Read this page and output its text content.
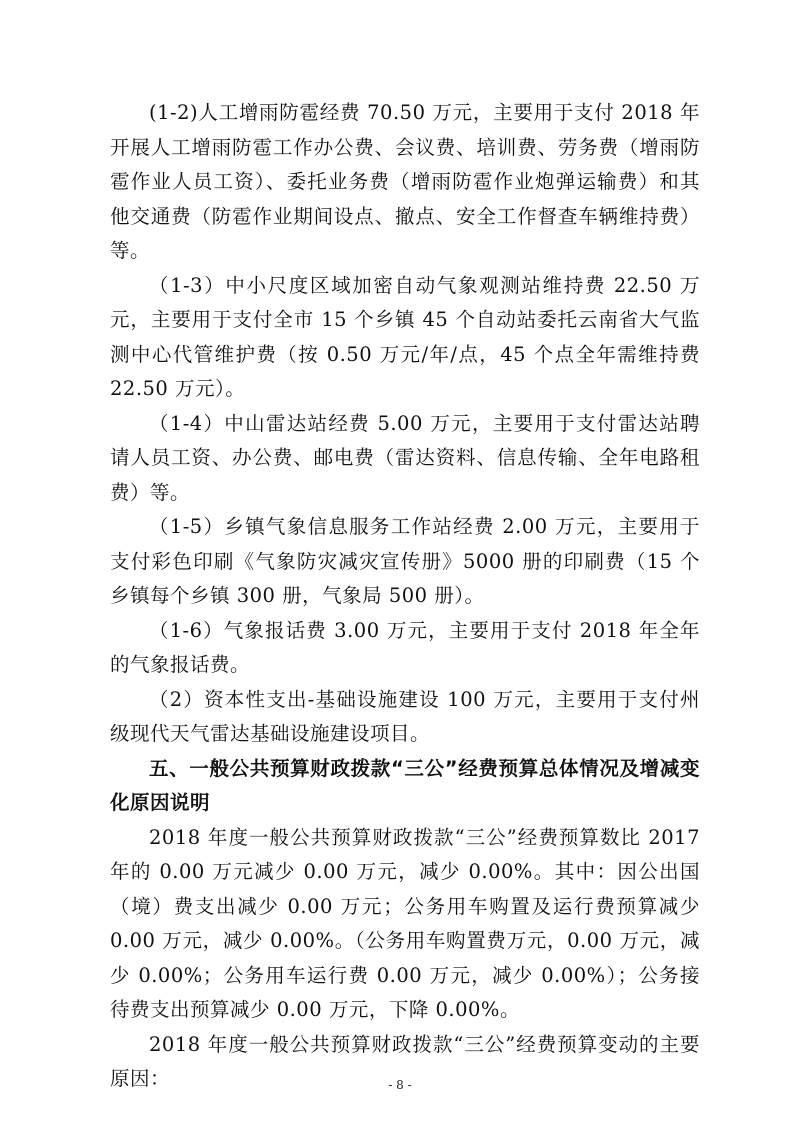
(1-2)人工增雨防雹经费 70.50 万元，主要用于支付 2018 年开展人工增雨防雹工作办公费、会议费、培训费、劳务费（增雨防雹作业人员工资）、委托业务费（增雨防雹作业炮弹运输费）和其他交通费（防雹作业期间设点、撤点、安全工作督查车辆维持费）等。

（1-3）中小尺度区域加密自动气象观测站维持费 22.50 万元，主要用于支付全市 15 个乡镇 45 个自动站委托云南省大气监测中心代管维护费（按 0.50 万元/年/点，45 个点全年需维持费 22.50 万元）。

（1-4）中山雷达站经费 5.00 万元，主要用于支付雷达站聘请人员工资、办公费、邮电费（雷达资料、信息传输、全年电路租费）等。

（1-5）乡镇气象信息服务工作站经费 2.00 万元，主要用于支付彩色印刷《气象防灾减灾宣传册》5000 册的印刷费（15 个乡镇每个乡镇 300 册，气象局 500 册）。

（1-6）气象报话费 3.00 万元，主要用于支付 2018 年全年的气象报话费。

（2）资本性支出-基础设施建设 100 万元，主要用于支付州级现代天气雷达基础设施建设项目。

五、一般公共预算财政拨款“三公”经费预算总体情况及增减变化原因说明

2018 年度一般公共预算财政拨款“三公”经费预算数比 2017 年的 0.00 万元减少 0.00 万元，减少 0.00%。其中：因公出国（境）费支出减少 0.00 万元；公务用车购置及运行费预算减少 0.00 万元，减少 0.00%。（公务用车购置费万元，0.00 万元，减少 0.00%；公务用车运行费 0.00 万元，减少 0.00%）；公务接待费支出预算减少 0.00 万元，下降 0.00%。

2018 年度一般公共预算财政拨款“三公”经费预算变动的主要原因：	- 8 -
